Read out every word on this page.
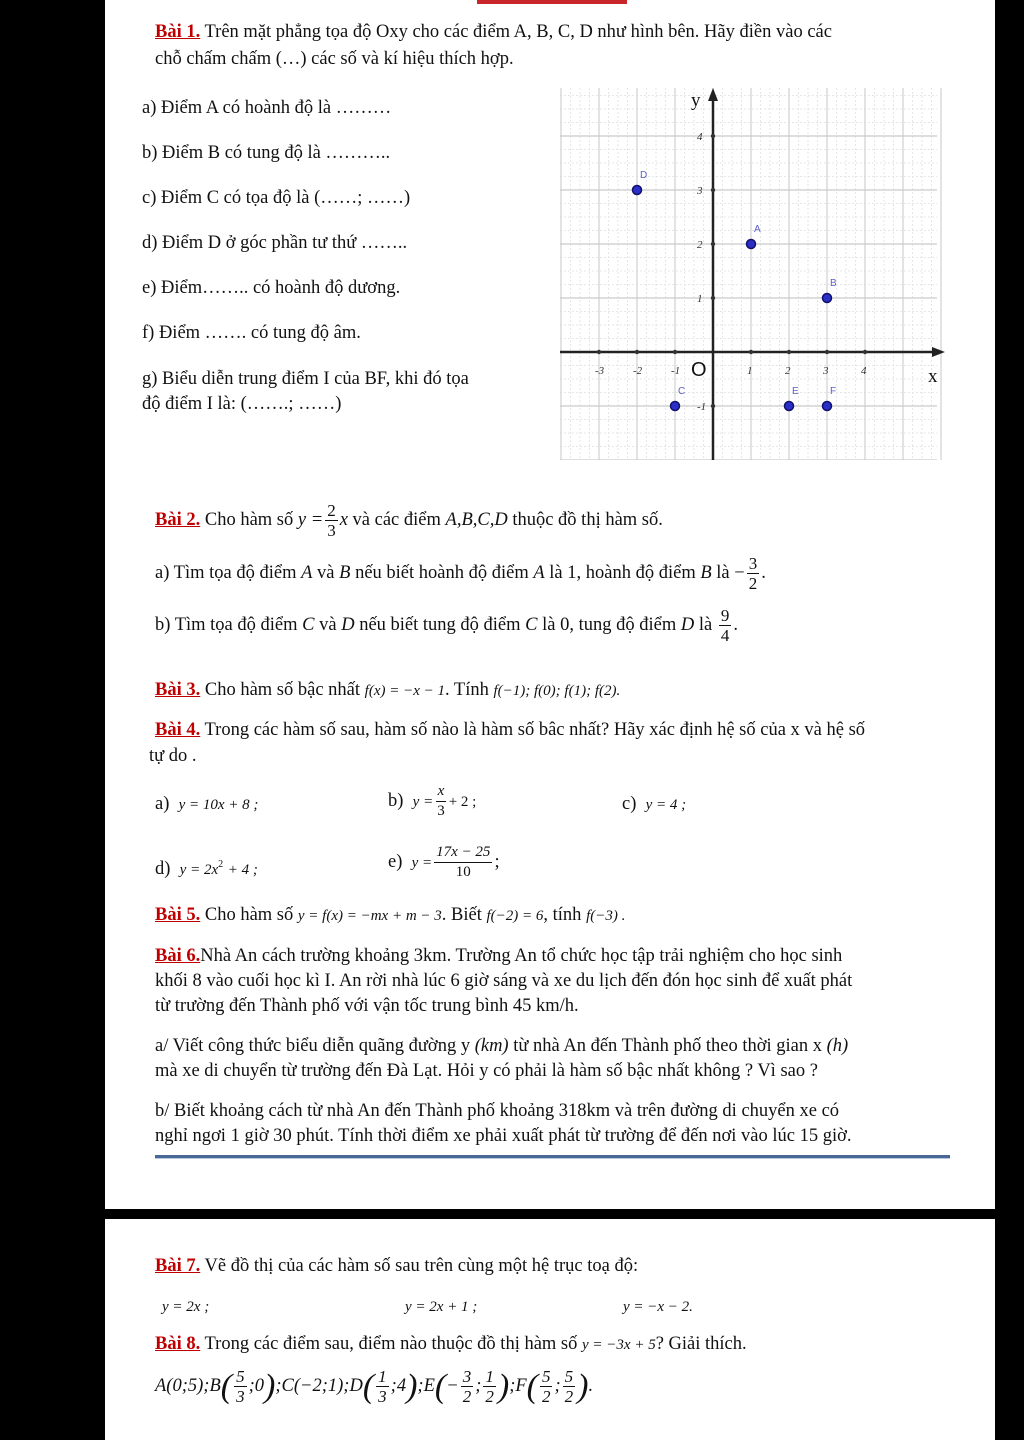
Bài 1. Trên mặt phẳng tọa độ Oxy cho các điểm A, B, C, D như hình bên. Hãy điền vào các
chỗ chấm chấm (…) các số và kí hiệu thích hợp.
a) Điểm A có hoành độ là ………
b) Điểm B có tung độ là ………..
c) Điểm C có tọa độ là (……; ……)
d) Điểm D ở góc phần tư thứ ……..
e) Điểm…….. có hoành độ dương.
f) Điểm ……. có tung độ âm.
g) Biểu diễn trung điểm I của BF, khi đó tọa
độ điểm I là: (…….; ……)
-3	-2	-1	1	2	3	4
4
3
2
1
-1
O	x
y
D
A
B
C	E	F
Bài 2. Cho hàm số $y = \frac{2}{3}$ x và các điểm A,B,C,D thuộc đồ thị hàm số.
a) Tìm tọa độ điểm A và B nếu biết hoành độ điểm A là 1, hoành độ điểm B là − $\frac{3}{2}$ .
b) Tìm tọa độ điểm C và D nếu biết tung độ điểm C là 0, tung độ điểm D là $\frac{9}{4}$ .
Bài 3. Cho hàm số bậc nhất f(x) = −x − 1. Tính f(−1); f(0); f(1); f(2).
Bài 4. Trong các hàm số sau, hàm số nào là hàm số bâc nhất? Hãy xác định hệ số của x và hệ số
tự do .
a) y = 10x + 8 ;	b) $y = \frac{x}{3} + 2$ ;	c) y = 4 ;
d) $y = 2x^2 + 4$ ;	e) $y = \frac{17x - 25}{10}$ ;
Bài 5. Cho hàm số y = f(x) = −mx + m − 3. Biết f(−2) = 6, tính f(−3) .
Bài 6.Nhà An cách trường khoảng 3km. Trường An tổ chức học tập trải nghiệm cho học sinh
khối 8 vào cuối học kì I. An rời nhà lúc 6 giờ sáng và xe du lịch đến đón học sinh để xuất phát
từ trường đến Thành phố với vận tốc trung bình 45 km/h.
a/ Viết công thức biểu diễn quãng đường y (km) từ nhà An đến Thành phố theo thời gian x (h)
mà xe di chuyển từ trường đến Đà Lạt. Hỏi y có phải là hàm số bậc nhất không ? Vì sao ?
b/ Biết khoảng cách từ nhà An đến Thành phố khoảng 318km và trên đường di chuyển xe có
nghỉ ngơi 1 giờ 30 phút. Tính thời điểm xe phải xuất phát từ trường để đến nơi vào lúc 15 giờ.
Bài 7. Vẽ đồ thị của các hàm số sau trên cùng một hệ trục toạ độ:
y = 2x ;	y = 2x + 1 ;	y = −x − 2.
Bài 8. Trong các điểm sau, điểm nào thuộc đồ thị hàm số y = −3x + 5? Giải thích.
A(0;5);B( $\frac{5}{3}$ ;0);C(−2;1);D( $\frac{1}{3}$ ;4);E(− $\frac{3}{2}$ ; $\frac{1}{2}$ );F( $\frac{5}{2}$ ; $\frac{5}{2}$ ).
